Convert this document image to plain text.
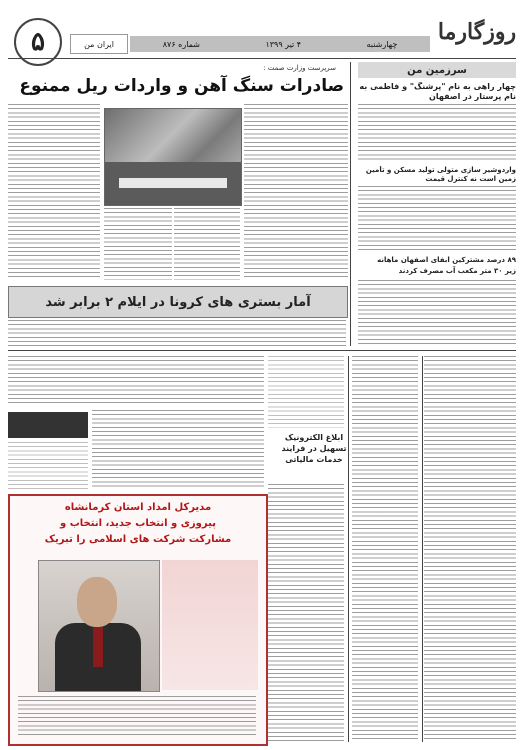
روزگارما
چهارشنبه
۴ تیر ۱۳۹۹
شماره ۸۷۶
ایران من
۵
سرزمین من
چهار راهی به نام "پرشنگ" و فاطمی به نام پرستار در اصفهان
واردوشیر سازی متولی تولید مسکن و تأمین زمین است نه کنترل قیمت
۸۹ درصد مشترکین ‌آبفای اصفهان ماهانه
زیر ۳۰ متر مکعب آب مصرف کردند
سرپرست وزارت صمت :
صادرات سنگ آهن و واردات ریل ممنوع
آمار بستری های کرونا در ایلام ۲ برابر شد
ابلاغ الکترونیک تسهیل در فرایند خدمات مالیاتی
مدیرکل امداد استان کرمانشاه
پیروزی و انتخاب جدید، انتخاب و
مشارکت شرکت های اسلامی را تبریک
